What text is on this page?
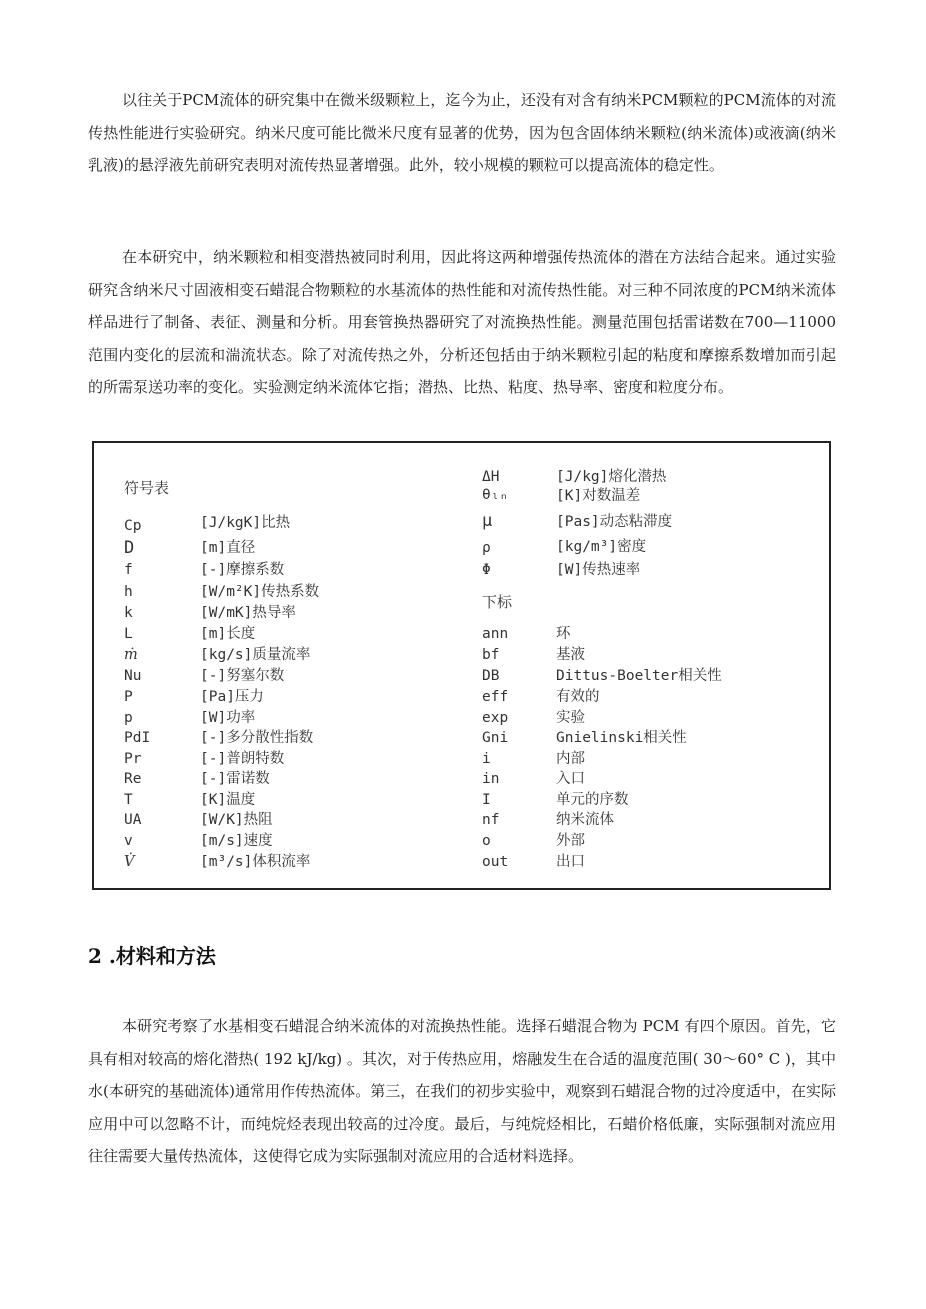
以往关于PCM流体的研究集中在微米级颗粒上，迄今为止，还没有对含有纳米PCM颗粒的PCM流体的对流传热性能进行实验研究。纳米尺度可能比微米尺度有显著的优势，因为包含固体纳米颗粒(纳米流体)或液滴(纳米乳液)的悬浮液先前研究表明对流传热显著增强。此外，较小规模的颗粒可以提高流体的稳定性。

在本研究中，纳米颗粒和相变潜热被同时利用，因此将这两种增强传热流体的潜在方法结合起来。通过实验研究含纳米尺寸固液相变石蜡混合物颗粒的水基流体的热性能和对流传热性能。对三种不同浓度的PCM纳米流体样品进行了制备、表征、测量和分析。用套管换热器研究了对流换热性能。测量范围包括雷诺数在700—11000范围内变化的层流和湍流状态。除了对流传热之外，分析还包括由于纳米颗粒引起的粘度和摩擦系数增加而引起的所需泵送功率的变化。实验测定纳米流体它指；潜热、比热、粘度、热导率、密度和粒度分布。

符号表
Cp	[J/kgK]比热
D	[m]直径
f	[-]摩擦系数
h	[W/m²K]传热系数
k	[W/mK]热导率
L	[m]长度
ṁ	[kg/s]质量流率
Nu	[-]努塞尔数
P	[Pa]压力
p	[W]功率
PdI	[-]多分散性指数
Pr	[-]普朗特数
Re	[-]雷诺数
T	[K]温度
UA	[W/K]热阻
v	[m/s]速度
V̇	[m³/s]体积流率
ΔH	[J/kg]熔化潜热
θₗₙ	[K]对数温差
μ	[Pas]动态粘滞度
ρ	[kg/m³]密度
Φ	[W]传热速率
下标
ann	环
bf	基液
DB	Dittus-Boelter相关性
eff	有效的
exp	实验
Gni	Gnielinski相关性
i	内部
in	入口
I	单元的序数
nf	纳米流体
o	外部
out	出口
2 .材料和方法

本研究考察了水基相变石蜡混合纳米流体的对流换热性能。选择石蜡混合物为 PCM 有四个原因。首先，它具有相对较高的熔化潜热( 192 kJ/kg) 。其次，对于传热应用，熔融发生在合适的温度范围( 30～60° C )，其中水(本研究的基础流体)通常用作传热流体。第三，在我们的初步实验中，观察到石蜡混合物的过冷度适中，在实际应用中可以忽略不计，而纯烷烃表现出较高的过冷度。最后，与纯烷烃相比，石蜡价格低廉，实际强制对流应用往往需要大量传热流体，这使得它成为实际强制对流应用的合适材料选择。
